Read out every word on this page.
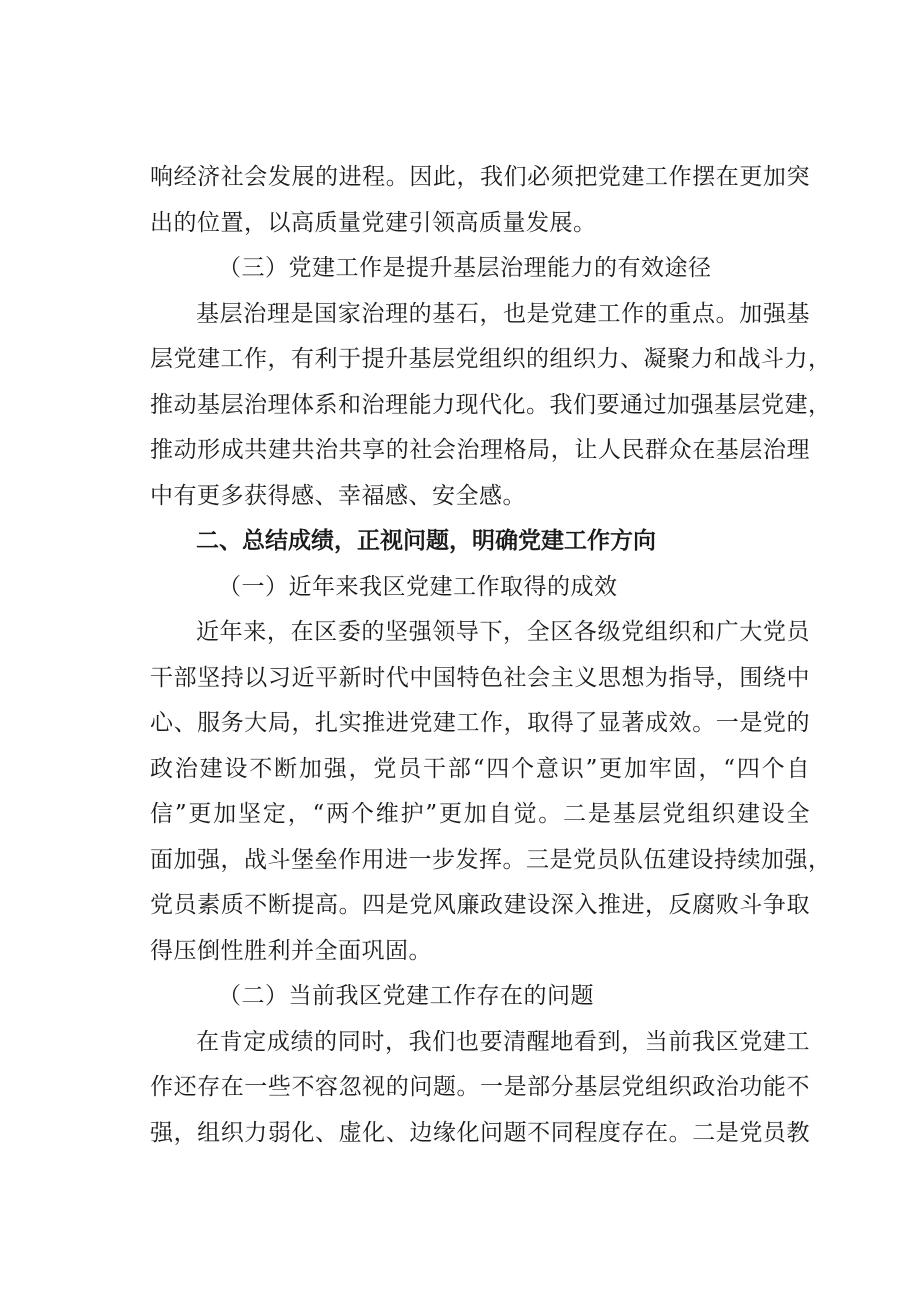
响经济社会发展的进程。因此，我们必须把党建工作摆在更加突
出的位置，以高质量党建引领高质量发展。
（三）党建工作是提升基层治理能力的有效途径
基层治理是国家治理的基石，也是党建工作的重点。加强基
层党建工作，有利于提升基层党组织的组织力、凝聚力和战斗力，
推动基层治理体系和治理能力现代化。我们要通过加强基层党建，
推动形成共建共治共享的社会治理格局，让人民群众在基层治理
中有更多获得感、幸福感、安全感。
二、总结成绩，正视问题，明确党建工作方向
（一）近年来我区党建工作取得的成效
近年来，在区委的坚强领导下，全区各级党组织和广大党员
干部坚持以习近平新时代中国特色社会主义思想为指导，围绕中
心、服务大局，扎实推进党建工作，取得了显著成效。一是党的
政治建设不断加强，党员干部“四个意识”更加牢固，“四个自
信”更加坚定，“两个维护”更加自觉。二是基层党组织建设全
面加强，战斗堡垒作用进一步发挥。三是党员队伍建设持续加强，
党员素质不断提高。四是党风廉政建设深入推进，反腐败斗争取
得压倒性胜利并全面巩固。
（二）当前我区党建工作存在的问题
在肯定成绩的同时，我们也要清醒地看到，当前我区党建工
作还存在一些不容忽视的问题。一是部分基层党组织政治功能不
强，组织力弱化、虚化、边缘化问题不同程度存在。二是党员教
